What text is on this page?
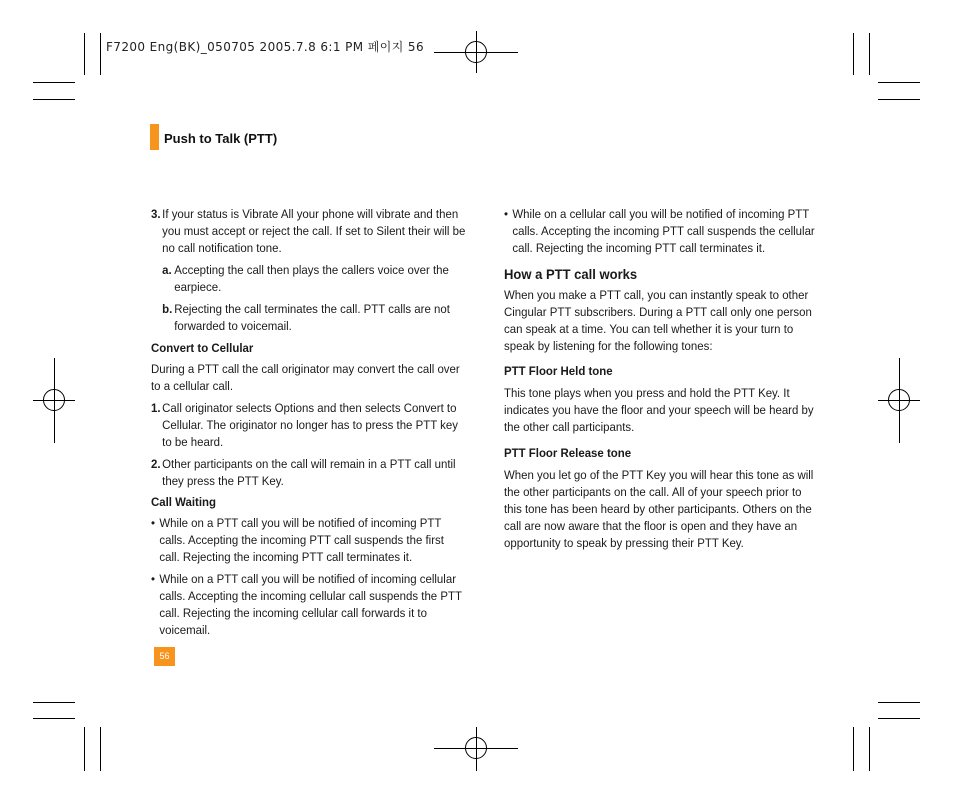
F7200 Eng(BK)_050705 2005.7.8 6:1 PM 페이지 56
Push to Talk (PTT)
3. If your status is Vibrate All your phone will vibrate and then you must accept or reject the call. If set to Silent their will be no call notification tone.
a. Accepting the call then plays the callers voice over the earpiece.
b. Rejecting the call terminates the call. PTT calls are not forwarded to voicemail.

Convert to Cellular

During a PTT call the call originator may convert the call over to a cellular call.

1. Call originator selects Options and then selects Convert to Cellular. The originator no longer has to press the PTT key to be heard.
2. Other participants on the call will remain in a PTT call until they press the PTT Key.

Call Waiting

• While on a PTT call you will be notified of incoming PTT calls. Accepting the incoming PTT call suspends the first call. Rejecting the incoming PTT call terminates it.
• While on a PTT call you will be notified of incoming cellular calls. Accepting the incoming cellular call suspends the PTT call. Rejecting the incoming cellular call forwards it to voicemail.
• While on a cellular call you will be notified of incoming PTT calls. Accepting the incoming PTT call suspends the cellular call. Rejecting the incoming PTT call terminates it.

How a PTT call works

When you make a PTT call, you can instantly speak to other Cingular PTT subscribers. During a PTT call only one person can speak at a time. You can tell whether it is your turn to speak by listening for the following tones:

PTT Floor Held tone

This tone plays when you press and hold the PTT Key. It indicates you have the floor and your speech will be heard by the other call participants.

PTT Floor Release tone

When you let go of the PTT Key you will hear this tone as will the other participants on the call. All of your speech prior to this tone has been heard by other participants. Others on the call are now aware that the floor is open and they have an opportunity to speak by pressing their PTT Key.

56
